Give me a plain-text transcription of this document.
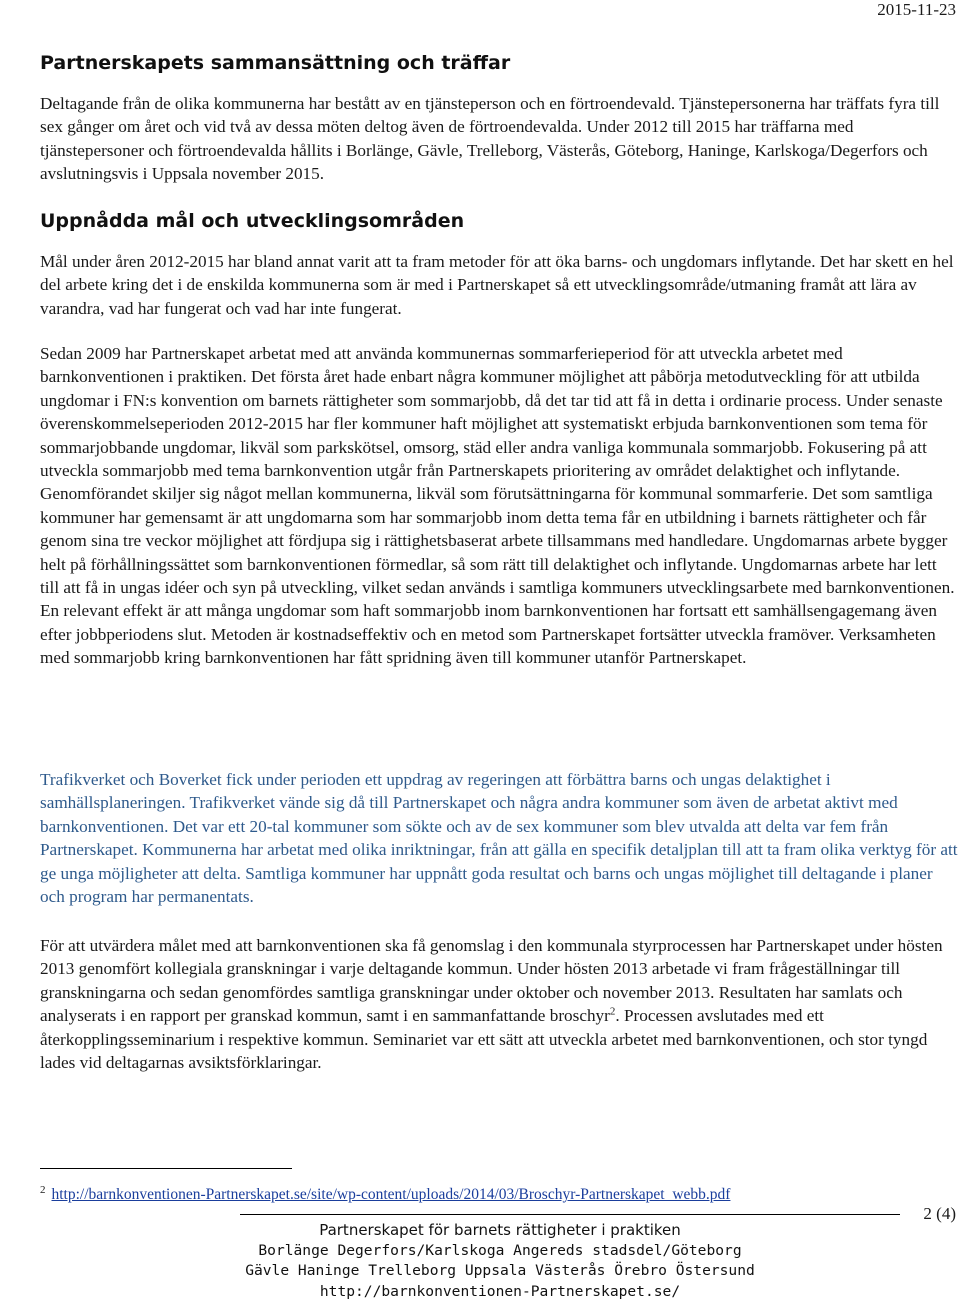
2015-11-23
Partnerskapets sammansättning och träffar

Deltagande från de olika kommunerna har bestått av en tjänsteperson och en förtroendevald. Tjänstepersonerna har träffats fyra till sex gånger om året och vid två av dessa möten deltog även de förtroendevalda. Under 2012 till 2015 har träffarna med tjänstepersoner och förtroendevalda hållits i Borlänge, Gävle, Trelleborg, Västerås, Göteborg, Haninge, Karlskoga/Degerfors och avslutningsvis i Uppsala november 2015.

Uppnådda mål och utvecklingsområden

Mål under åren 2012-2015 har bland annat varit att ta fram metoder för att öka barns- och ungdomars inflytande. Det har skett en hel del arbete kring det i de enskilda kommunerna som är med i Partnerskapet så ett utvecklingsområde/utmaning framåt att lära av varandra, vad har fungerat och vad har inte fungerat.

Sedan 2009 har Partnerskapet arbetat med att använda kommunernas sommarferieperiod för att utveckla arbetet med barnkonventionen i praktiken. Det första året hade enbart några kommuner möjlighet att påbörja metodutveckling för att utbilda ungdomar i FN:s konvention om barnets rättigheter som sommarjobb, då det tar tid att få in detta i ordinarie process. Under senaste överenskommelseperioden 2012-2015 har fler kommuner haft möjlighet att systematiskt erbjuda barnkonventionen som tema för sommarjobbande ungdomar, likväl som parkskötsel, omsorg, städ eller andra vanliga kommunala sommarjobb. Fokusering på att utveckla sommarjobb med tema barnkonvention utgår från Partnerskapets prioritering av området delaktighet och inflytande. Genomförandet skiljer sig något mellan kommunerna, likväl som förutsättningarna för kommunal sommarferie. Det som samtliga kommuner har gemensamt är att ungdomarna som har sommarjobb inom detta tema får en utbildning i barnets rättigheter och får genom sina tre veckor möjlighet att fördjupa sig i rättighetsbaserat arbete tillsammans med handledare. Ungdomarnas arbete bygger helt på förhållningssättet som barnkonventionen förmedlar, så som rätt till delaktighet och inflytande. Ungdomarnas arbete har lett till att få in ungas idéer och syn på utveckling, vilket sedan används i samtliga kommuners utvecklingsarbete med barnkonventionen. En relevant effekt är att många ungdomar som haft sommarjobb inom barnkonventionen har fortsatt ett samhällsengagemang även efter jobbperiodens slut. Metoden är kostnadseffektiv och en metod som Partnerskapet fortsätter utveckla framöver. Verksamheten med sommarjobb kring barnkonventionen har fått spridning även till kommuner utanför Partnerskapet.

Trafikverket och Boverket fick under perioden ett uppdrag av regeringen att förbättra barns och ungas delaktighet i samhällsplaneringen. Trafikverket vände sig då till Partnerskapet och några andra kommuner som även de arbetat aktivt med barnkonventionen. Det var ett 20-tal kommuner som sökte och av de sex kommuner som blev utvalda att delta var fem från Partnerskapet. Kommunerna har arbetat med olika inriktningar, från att gälla en specifik detaljplan till att ta fram olika verktyg för att ge unga möjligheter att delta. Samtliga kommuner har uppnått goda resultat och barns och ungas möjlighet till deltagande i planer och program har permanentats.

För att utvärdera målet med att barnkonventionen ska få genomslag i den kommunala styrprocessen har Partnerskapet under hösten 2013 genomfört kollegiala granskningar i varje deltagande kommun. Under hösten 2013 arbetade vi fram frågeställningar till granskningarna och sedan genomfördes samtliga granskningar under oktober och november 2013. Resultaten har samlats och analyserats i en rapport per granskad kommun, samt i en sammanfattande broschyr$^2$. Processen avslutades med ett återkopplingsseminarium i respektive kommun. Seminariet var ett sätt att utveckla arbetet med barnkonventionen, och stor tyngd lades vid deltagarnas avsiktsförklaringar.

$^2$ http://barnkonventionen-Partnerskapet.se/site/wp-content/uploads/2014/03/Broschyr-Partnerskapet_webb.pdf
2 (4)
Partnerskapet för barnets rättigheter i praktiken
Borlänge Degerfors/Karlskoga Angereds stadsdel/Göteborg
Gävle Haninge Trelleborg Uppsala Västerås Örebro Östersund
http://barnkonventionen-Partnerskapet.se/
